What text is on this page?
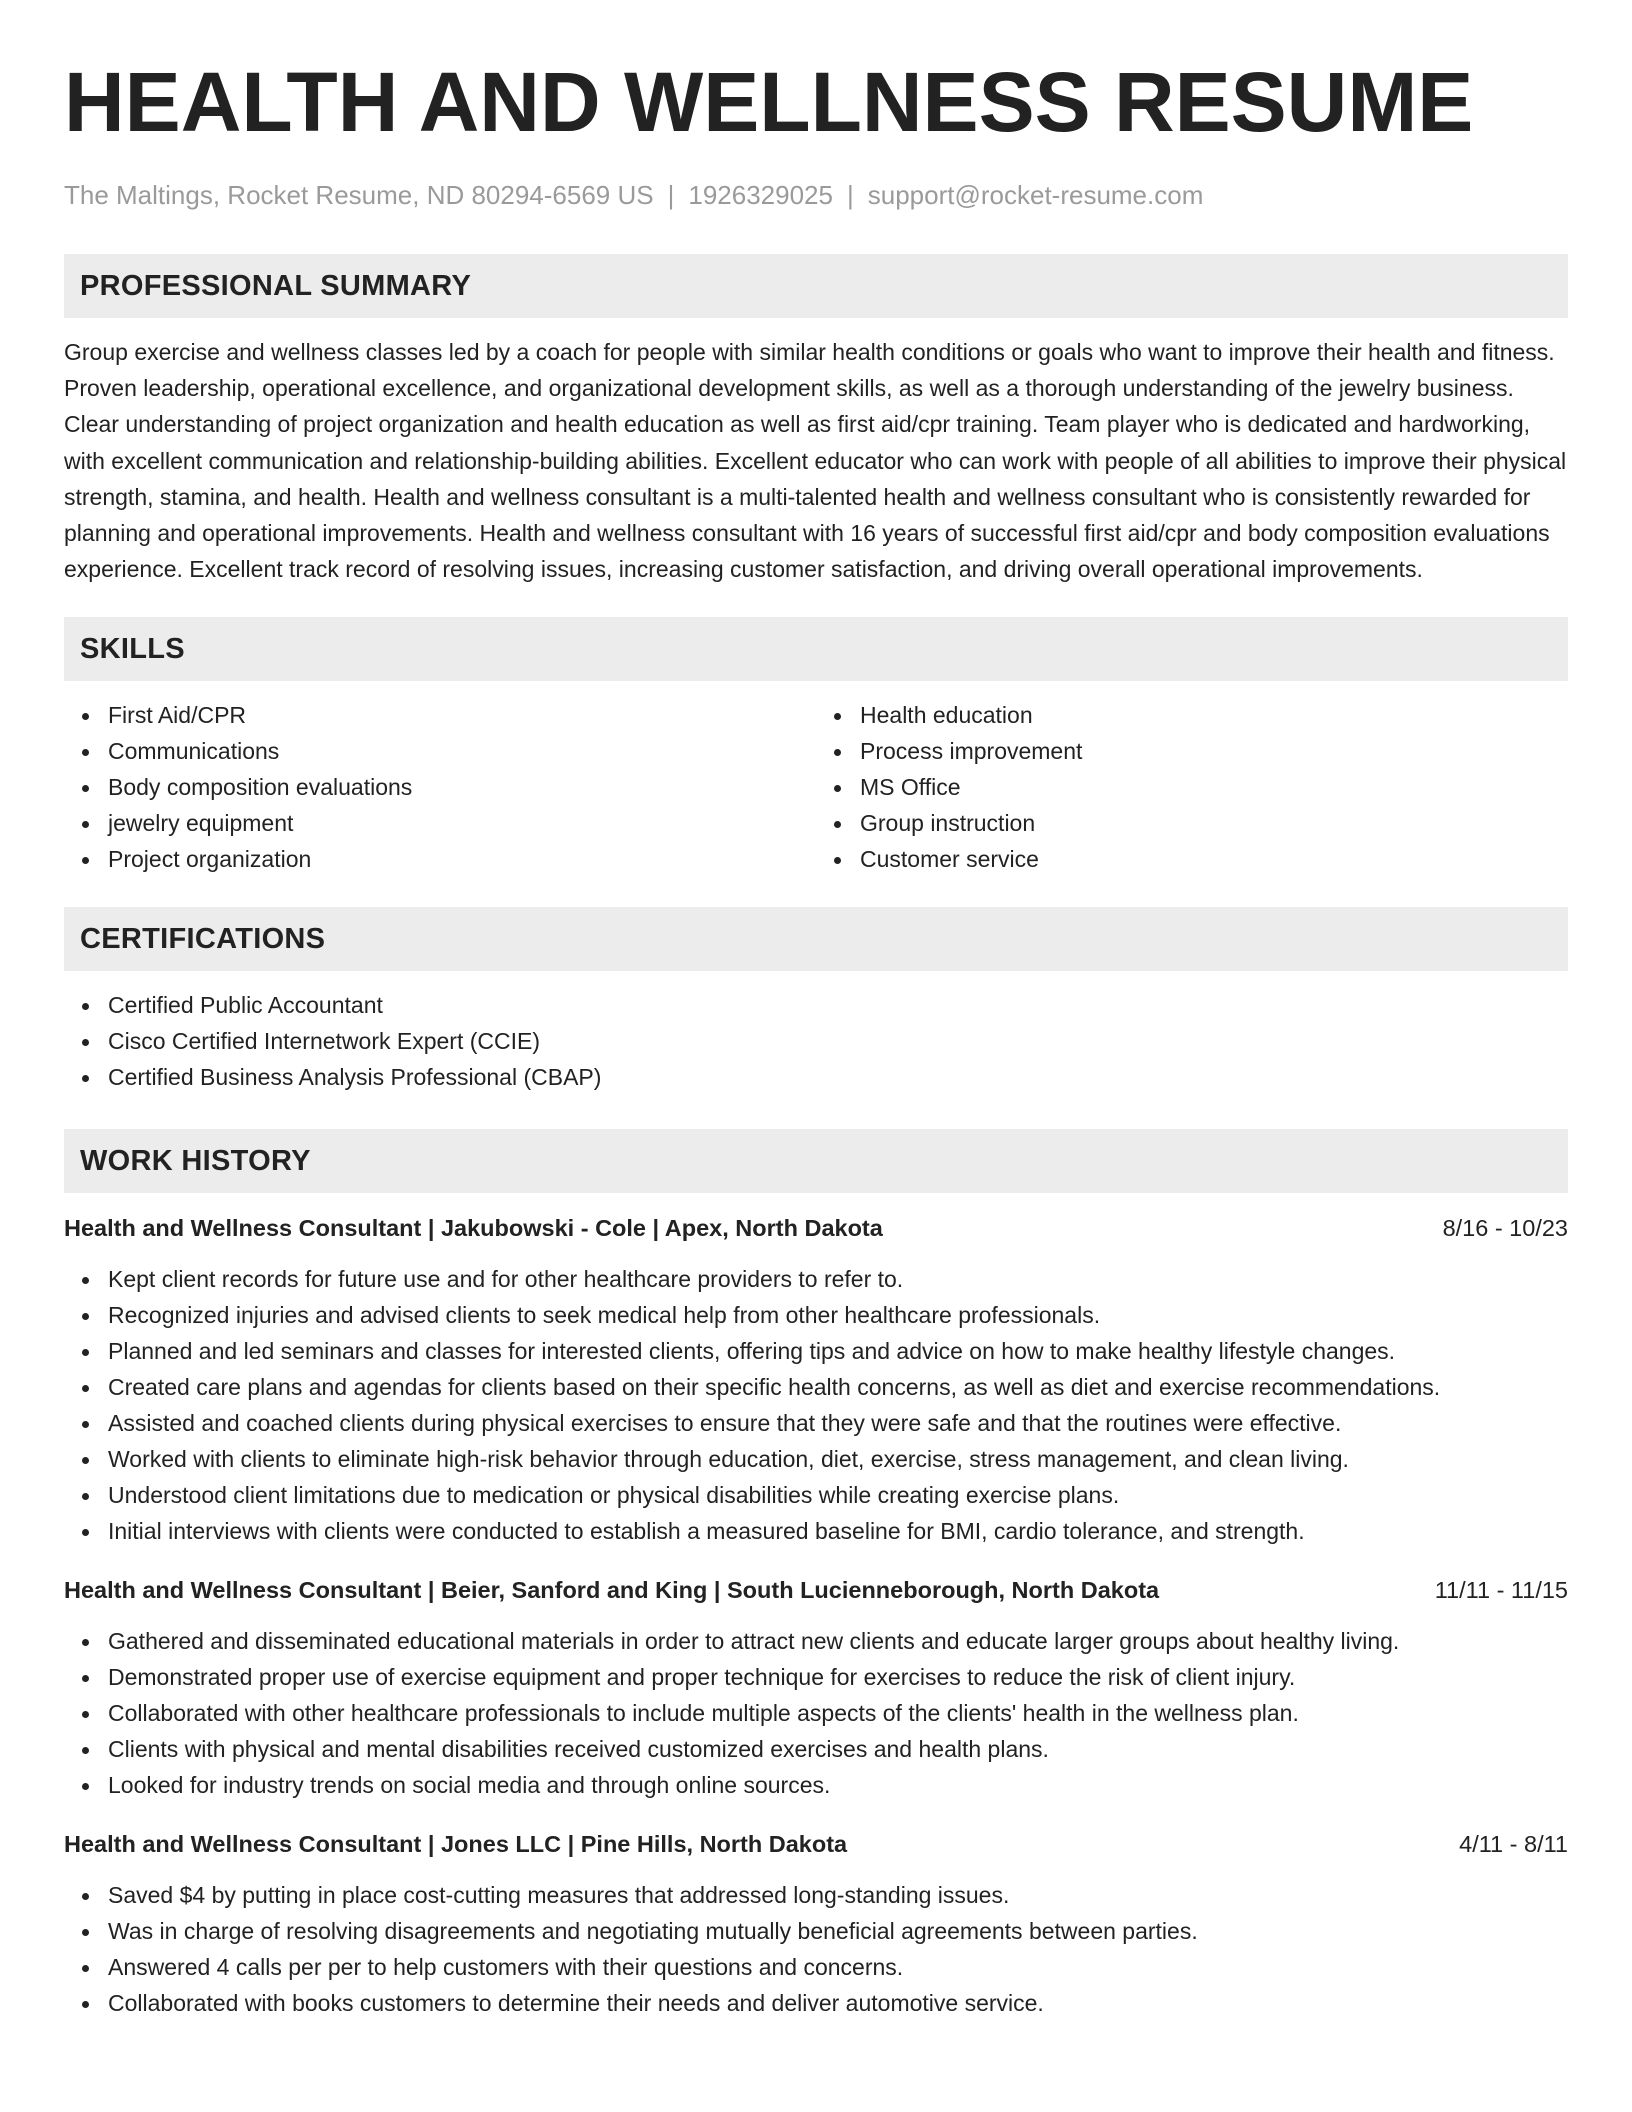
HEALTH AND WELLNESS RESUME
The Maltings, Rocket Resume, ND 80294-6569 US | 1926329025 | support@rocket-resume.com
PROFESSIONAL SUMMARY

Group exercise and wellness classes led by a coach for people with similar health conditions or goals who want to improve their health and fitness. Proven leadership, operational excellence, and organizational development skills, as well as a thorough understanding of the jewelry business. Clear understanding of project organization and health education as well as first aid/cpr training. Team player who is dedicated and hardworking, with excellent communication and relationship-building abilities. Excellent educator who can work with people of all abilities to improve their physical strength, stamina, and health. Health and wellness consultant is a multi-talented health and wellness consultant who is consistently rewarded for planning and operational improvements. Health and wellness consultant with 16 years of successful first aid/cpr and body composition evaluations experience. Excellent track record of resolving issues, increasing customer satisfaction, and driving overall operational improvements.

SKILLS
First Aid/CPR
Communications
Body composition evaluations
jewelry equipment
Project organization
Health education
Process improvement
MS Office
Group instruction
Customer service
CERTIFICATIONS
Certified Public Accountant
Cisco Certified Internetwork Expert (CCIE)
Certified Business Analysis Professional (CBAP)
WORK HISTORY
Health and Wellness Consultant | Jakubowski - Cole | Apex, North Dakota	8/16 - 10/23
Kept client records for future use and for other healthcare providers to refer to.
Recognized injuries and advised clients to seek medical help from other healthcare professionals.
Planned and led seminars and classes for interested clients, offering tips and advice on how to make healthy lifestyle changes.
Created care plans and agendas for clients based on their specific health concerns, as well as diet and exercise recommendations.
Assisted and coached clients during physical exercises to ensure that they were safe and that the routines were effective.
Worked with clients to eliminate high-risk behavior through education, diet, exercise, stress management, and clean living.
Understood client limitations due to medication or physical disabilities while creating exercise plans.
Initial interviews with clients were conducted to establish a measured baseline for BMI, cardio tolerance, and strength.
Health and Wellness Consultant | Beier, Sanford and King | South Lucienneborough, North Dakota	11/11 - 11/15
Gathered and disseminated educational materials in order to attract new clients and educate larger groups about healthy living.
Demonstrated proper use of exercise equipment and proper technique for exercises to reduce the risk of client injury.
Collaborated with other healthcare professionals to include multiple aspects of the clients' health in the wellness plan.
Clients with physical and mental disabilities received customized exercises and health plans.
Looked for industry trends on social media and through online sources.
Health and Wellness Consultant | Jones LLC | Pine Hills, North Dakota	4/11 - 8/11
Saved $4 by putting in place cost-cutting measures that addressed long-standing issues.
Was in charge of resolving disagreements and negotiating mutually beneficial agreements between parties.
Answered 4 calls per per to help customers with their questions and concerns.
Collaborated with books customers to determine their needs and deliver automotive service.
